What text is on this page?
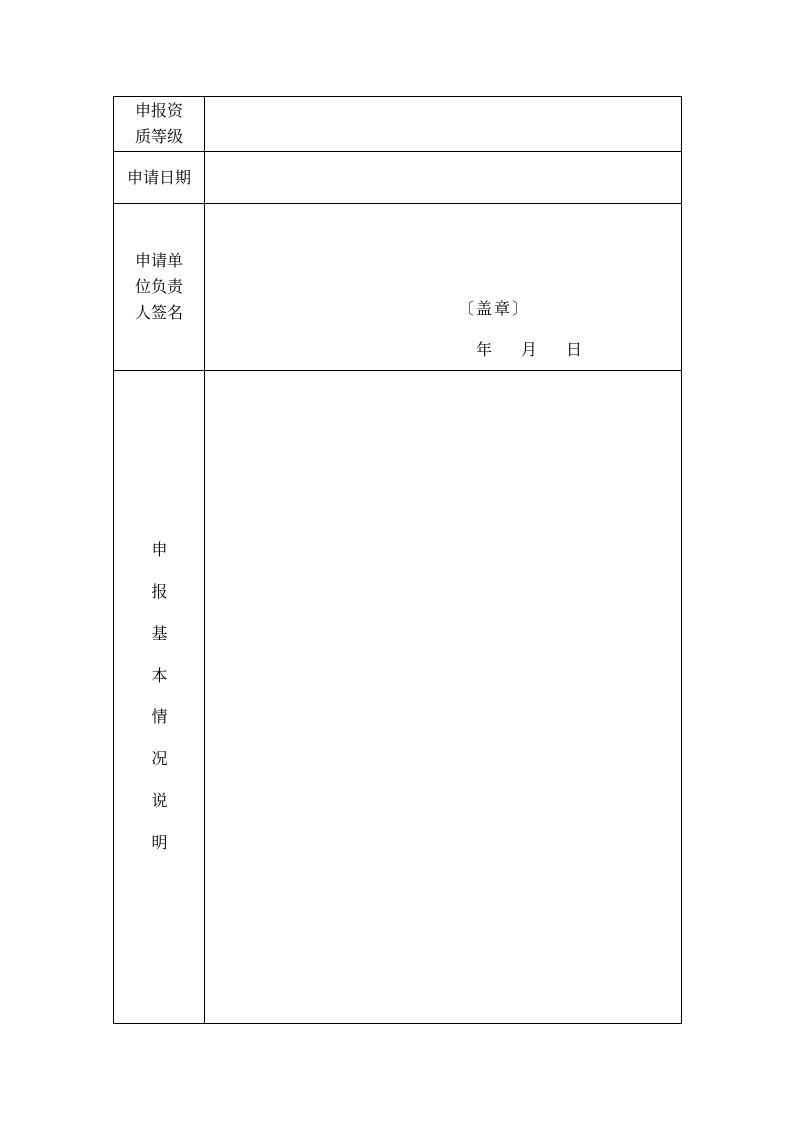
申报资质等级
申请日期
申请单位负责人签名	〔盖章〕
年 月 日
申
报
基
本
情
况
说
明
